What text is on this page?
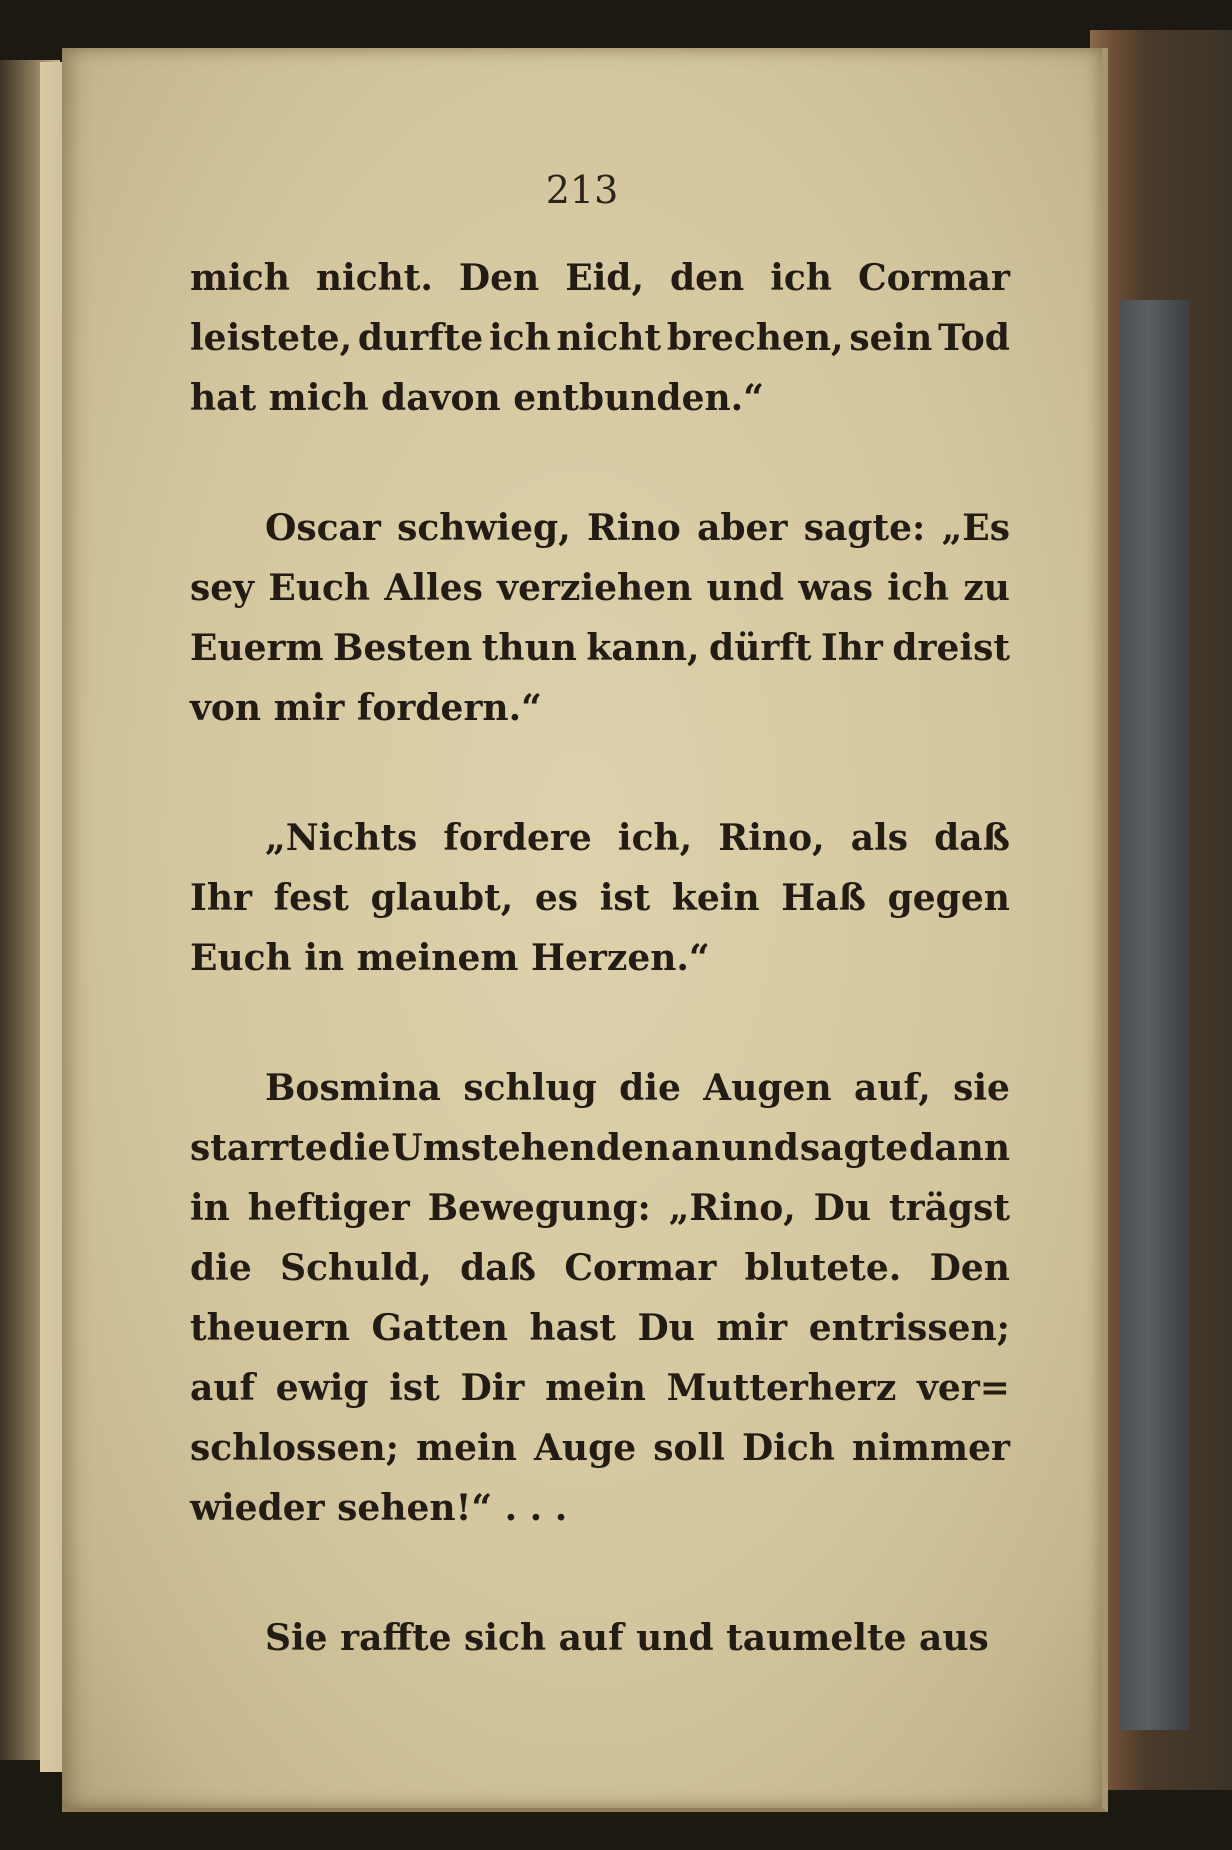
213
mich nicht. Den Eid, den ich Cormar
leistete, durfte ich nicht brechen, sein Tod
hat mich davon entbunden.“
Oscar schwieg, Rino aber sagte: „Es
sey Euch Alles verziehen und was ich zu
Euerm Besten thun kann, dürft Ihr dreist
von mir fordern.“
„Nichts fordere ich, Rino, als daß
Ihr fest glaubt, es ist kein Haß gegen
Euch in meinem Herzen.“
Bosmina schlug die Augen auf, sie
starrte die Umstehenden an und sagte dann
in heftiger Bewegung: „Rino, Du trägst
die Schuld, daß Cormar blutete. Den
theuern Gatten hast Du mir entrissen;
auf ewig ist Dir mein Mutterherz ver=
schlossen; mein Auge soll Dich nimmer
wieder sehen!“ . . .
Sie raffte sich auf und taumelte aus
